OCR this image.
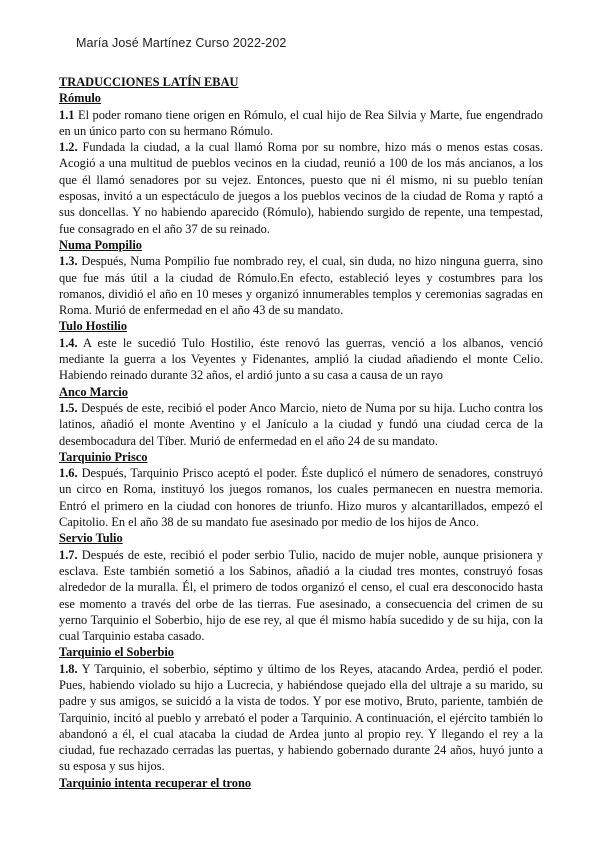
María José Martínez Curso 2022-202

TRADUCCIONES LATÍN EBAU

Rómulo

1.1 El poder romano tiene origen en Rómulo, el cual hijo de Rea Silvia y Marte, fue engendrado en un único parto con su hermano Rómulo.

1.2. Fundada la ciudad, a la cual llamó Roma por su nombre, hizo más o menos estas cosas. Acogió a una multitud de pueblos vecinos en la ciudad, reunió a 100 de los más ancianos, a los que él llamó senadores por su vejez. Entonces, puesto que ni él mismo, ni su pueblo tenían esposas, invitó a un espectáculo de juegos a los pueblos vecinos de la ciudad de Roma y raptó a sus doncellas. Y no habiendo aparecido (Rómulo), habiendo surgido de repente, una tempestad, fue consagrado en el año 37 de su reinado.

Numa Pompilio

1.3. Después, Numa Pompilio fue nombrado rey, el cual, sin duda, no hizo ninguna guerra, sino que fue más útil a la ciudad de Rómulo.En efecto, estableció leyes y costumbres para los romanos, dividió el año en 10 meses y organizó innumerables templos y ceremonias sagradas en Roma. Murió de enfermedad en el año 43 de su mandato.

Tulo Hostilio

1.4. A este le sucedió Tulo Hostilio, éste renovó las guerras, venció a los albanos, venció mediante la guerra a los Veyentes y Fidenantes, amplió la ciudad añadiendo el monte Celio. Habiendo reinado durante 32 años, el ardió junto a su casa a causa de un rayo

Anco Marcio

1.5. Después de este, recibió el poder Anco Marcio, nieto de Numa por su hija. Lucho contra los latinos, añadió el monte Aventino y el Janículo a la ciudad y fundó una ciudad cerca de la desembocadura del Tíber. Murió de enfermedad en el año 24 de su mandato.

Tarquinio Prisco

1.6. Después, Tarquinio Prisco aceptó el poder. Éste duplicó el número de senadores, construyó un circo en Roma, instituyó los juegos romanos, los cuales permanecen en nuestra memoria. Entró el primero en la ciudad con honores de triunfo. Hizo muros y alcantarillados, empezó el Capitolio. En el año 38 de su mandato fue asesinado por medio de los hijos de Anco.

Servio Tulio

1.7. Después de este, recibió el poder serbio Tulio, nacido de mujer noble, aunque prisionera y esclava. Este también sometió a los Sabinos, añadió a la ciudad tres montes, construyó fosas alrededor de la muralla. Él, el primero de todos organizó el censo, el cual era desconocido hasta ese momento a través del orbe de las tierras. Fue asesinado, a consecuencia del crimen de su yerno Tarquinio el Soberbio, hijo de ese rey, al que él mismo había sucedido y de su hija, con la cual Tarquinio estaba casado.

Tarquinio el Soberbio

1.8. Y Tarquinio, el soberbio, séptimo y último de los Reyes, atacando Ardea, perdió el poder. Pues, habiendo violado su hijo a Lucrecia, y habiéndose quejado ella del ultraje a su marido, su padre y sus amigos, se suicidó a la vista de todos. Y por ese motivo, Bruto, pariente, también de Tarquinio, incitó al pueblo y arrebató el poder a Tarquinio. A continuación, el ejército también lo abandonó a él, el cual atacaba la ciudad de Ardea junto al propio rey. Y llegando el rey a la ciudad, fue rechazado cerradas las puertas, y habiendo gobernado durante 24 años, huyó junto a su esposa y sus hijos.

Tarquinio intenta recuperar el trono
